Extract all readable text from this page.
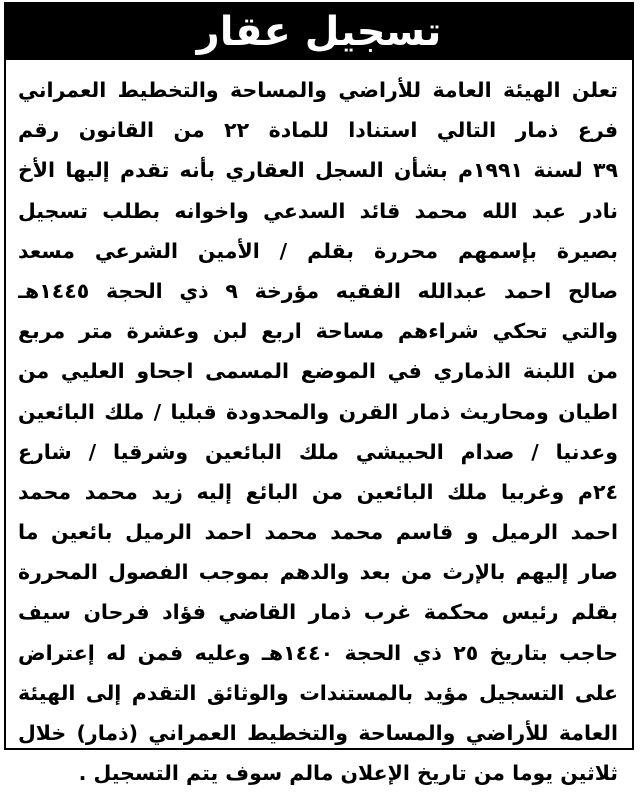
تسجيل عقار
تعلن الهيئة العامة للأراضي والمساحة والتخطيط العمراني
فرع ذمار التالي استنادا للمادة ٢٢ من القانون رقم
٣٩ لسنة ١٩٩١م بشأن السجل العقاري بأنه تقدم إليها الأخ
نادر عبد الله محمد قائد السدعي واخوانه بطلب تسجيل
بصيرة بإسمهم محررة بقلم / الأمين الشرعي مسعد
صالح احمد عبدالله الفقيه مؤرخة ٩ ذي الحجة ١٤٤٥هـ
والتي تحكي شراءهم مساحة اربع لبن وعشرة متر مربع
من اللبنة الذماري في الموضع المسمى اجحاو العليي من
اطيان ومحاريث ذمار القرن والمحدودة قبليا / ملك البائعين
وعدنيا / صدام الحبيشي ملك البائعين وشرقيا / شارع
٢٤م وغربيا ملك البائعين من البائع إليه زيد محمد محمد
احمد الرميل و قاسم محمد محمد احمد الرميل بائعين ما
صار إليهم بالإرث من بعد والدهم بموجب الفصول المحررة
بقلم رئيس محكمة غرب ذمار القاضي فؤاد فرحان سيف
حاجب بتاريخ ٢٥ ذي الحجة ١٤٤٠هـ وعليه فمن له إعتراض
على التسجيل مؤيد بالمستندات والوثائق التقدم إلى الهيئة
العامة للأراضي والمساحة والتخطيط العمراني (ذمار) خلال
ثلاثين يوما من تاريخ الإعلان مالم سوف يتم التسجيل .
